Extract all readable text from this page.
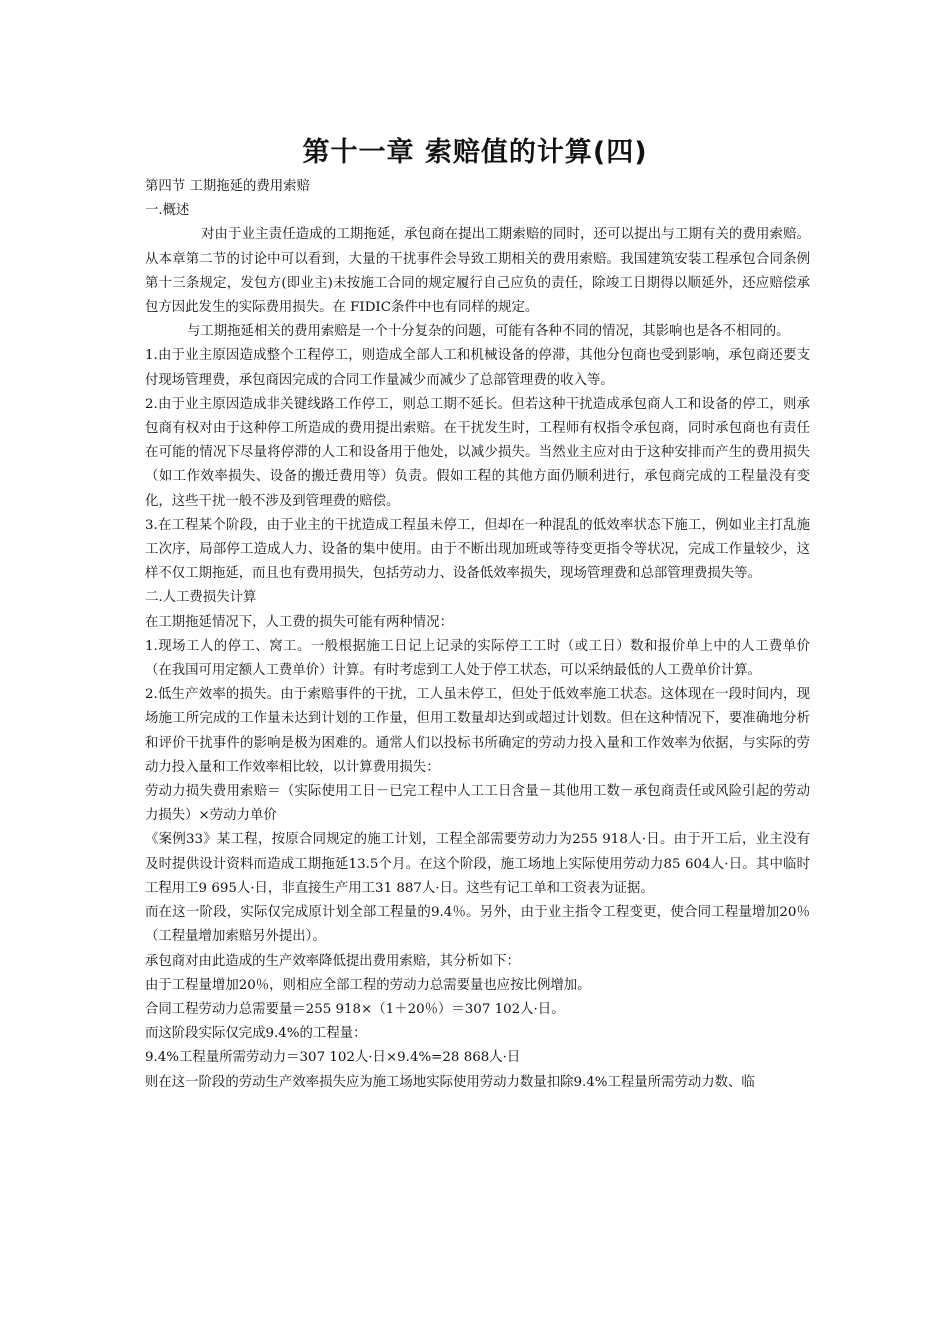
第十一章 索赔值的计算(四)

第四节 工期拖延的费用索赔

一.概述

对由于业主责任造成的工期拖延，承包商在提出工期索赔的同时，还可以提出与工期有关的费用索赔。从本章第二节的讨论中可以看到，大量的干扰事件会导致工期相关的费用索赔。我国建筑安装工程承包合同条例第十三条规定，发包方(即业主)未按施工合同的规定履行自己应负的责任，除竣工日期得以顺延外，还应赔偿承包方因此发生的实际费用损失。在 FIDIC条件中也有同样的规定。

与工期拖延相关的费用索赔是一个十分复杂的问题，可能有各种不同的情况，其影响也是各不相同的。

1.由于业主原因造成整个工程停工，则造成全部人工和机械设备的停滞，其他分包商也受到影响，承包商还要支付现场管理费，承包商因完成的合同工作量减少而减少了总部管理费的收入等。

2.由于业主原因造成非关键线路工作停工，则总工期不延长。但若这种干扰造成承包商人工和设备的停工，则承包商有权对由于这种停工所造成的费用提出索赔。在干扰发生时，工程师有权指令承包商，同时承包商也有责任在可能的情况下尽量将停滞的人工和设备用于他处，以减少损失。当然业主应对由于这种安排而产生的费用损失（如工作效率损失、设备的搬迁费用等）负责。假如工程的其他方面仍顺利进行，承包商完成的工程量没有变化，这些干扰一般不涉及到管理费的赔偿。

3.在工程某个阶段，由于业主的干扰造成工程虽未停工，但却在一种混乱的低效率状态下施工，例如业主打乱施工次序，局部停工造成人力、设备的集中使用。由于不断出现加班或等待变更指令等状况，完成工作量较少，这样不仅工期拖延，而且也有费用损失，包括劳动力、设备低效率损失，现场管理费和总部管理费损失等。

二.人工费损失计算

在工期拖延情况下，人工费的损失可能有两种情况：

1.现场工人的停工、窝工。一般根据施工日记上记录的实际停工工时（或工日）数和报价单上中的人工费单价（在我国可用定额人工费单价）计算。有时考虑到工人处于停工状态，可以采纳最低的人工费单价计算。

2.低生产效率的损失。由于索赔事件的干扰，工人虽未停工，但处于低效率施工状态。这体现在一段时间内，现场施工所完成的工作量未达到计划的工作量，但用工数量却达到或超过计划数。但在这种情况下，要准确地分析和评价干扰事件的影响是极为困难的。通常人们以投标书所确定的劳动力投入量和工作效率为依据，与实际的劳动力投入量和工作效率相比较，以计算费用损失：

劳动力损失费用索赔＝（实际使用工日－已完工程中人工工日含量－其他用工数－承包商责任或风险引起的劳动力损失）×劳动力单价

《案例33》某工程，按原合同规定的施工计划，工程全部需要劳动力为255 918人·日。由于开工后，业主没有及时提供设计资料而造成工期拖延13.5个月。在这个阶段，施工场地上实际使用劳动力85 604人·日。其中临时工程用工9 695人·日，非直接生产用工31 887人·日。这些有记工单和工资表为证据。

而在这一阶段，实际仅完成原计划全部工程量的9.4％。另外，由于业主指令工程变更，使合同工程量增加20％（工程量增加索赔另外提出）。

承包商对由此造成的生产效率降低提出费用索赔，其分析如下：

由于工程量增加20％，则相应全部工程的劳动力总需要量也应按比例增加。

合同工程劳动力总需要量＝255 918×（1＋20％）＝307 102人·日。

而这阶段实际仅完成9.4%的工程量：

9.4%工程量所需劳动力＝307 102人·日×9.4%=28 868人·日

则在这一阶段的劳动生产效率损失应为施工场地实际使用劳动力数量扣除9.4%工程量所需劳动力数、临
